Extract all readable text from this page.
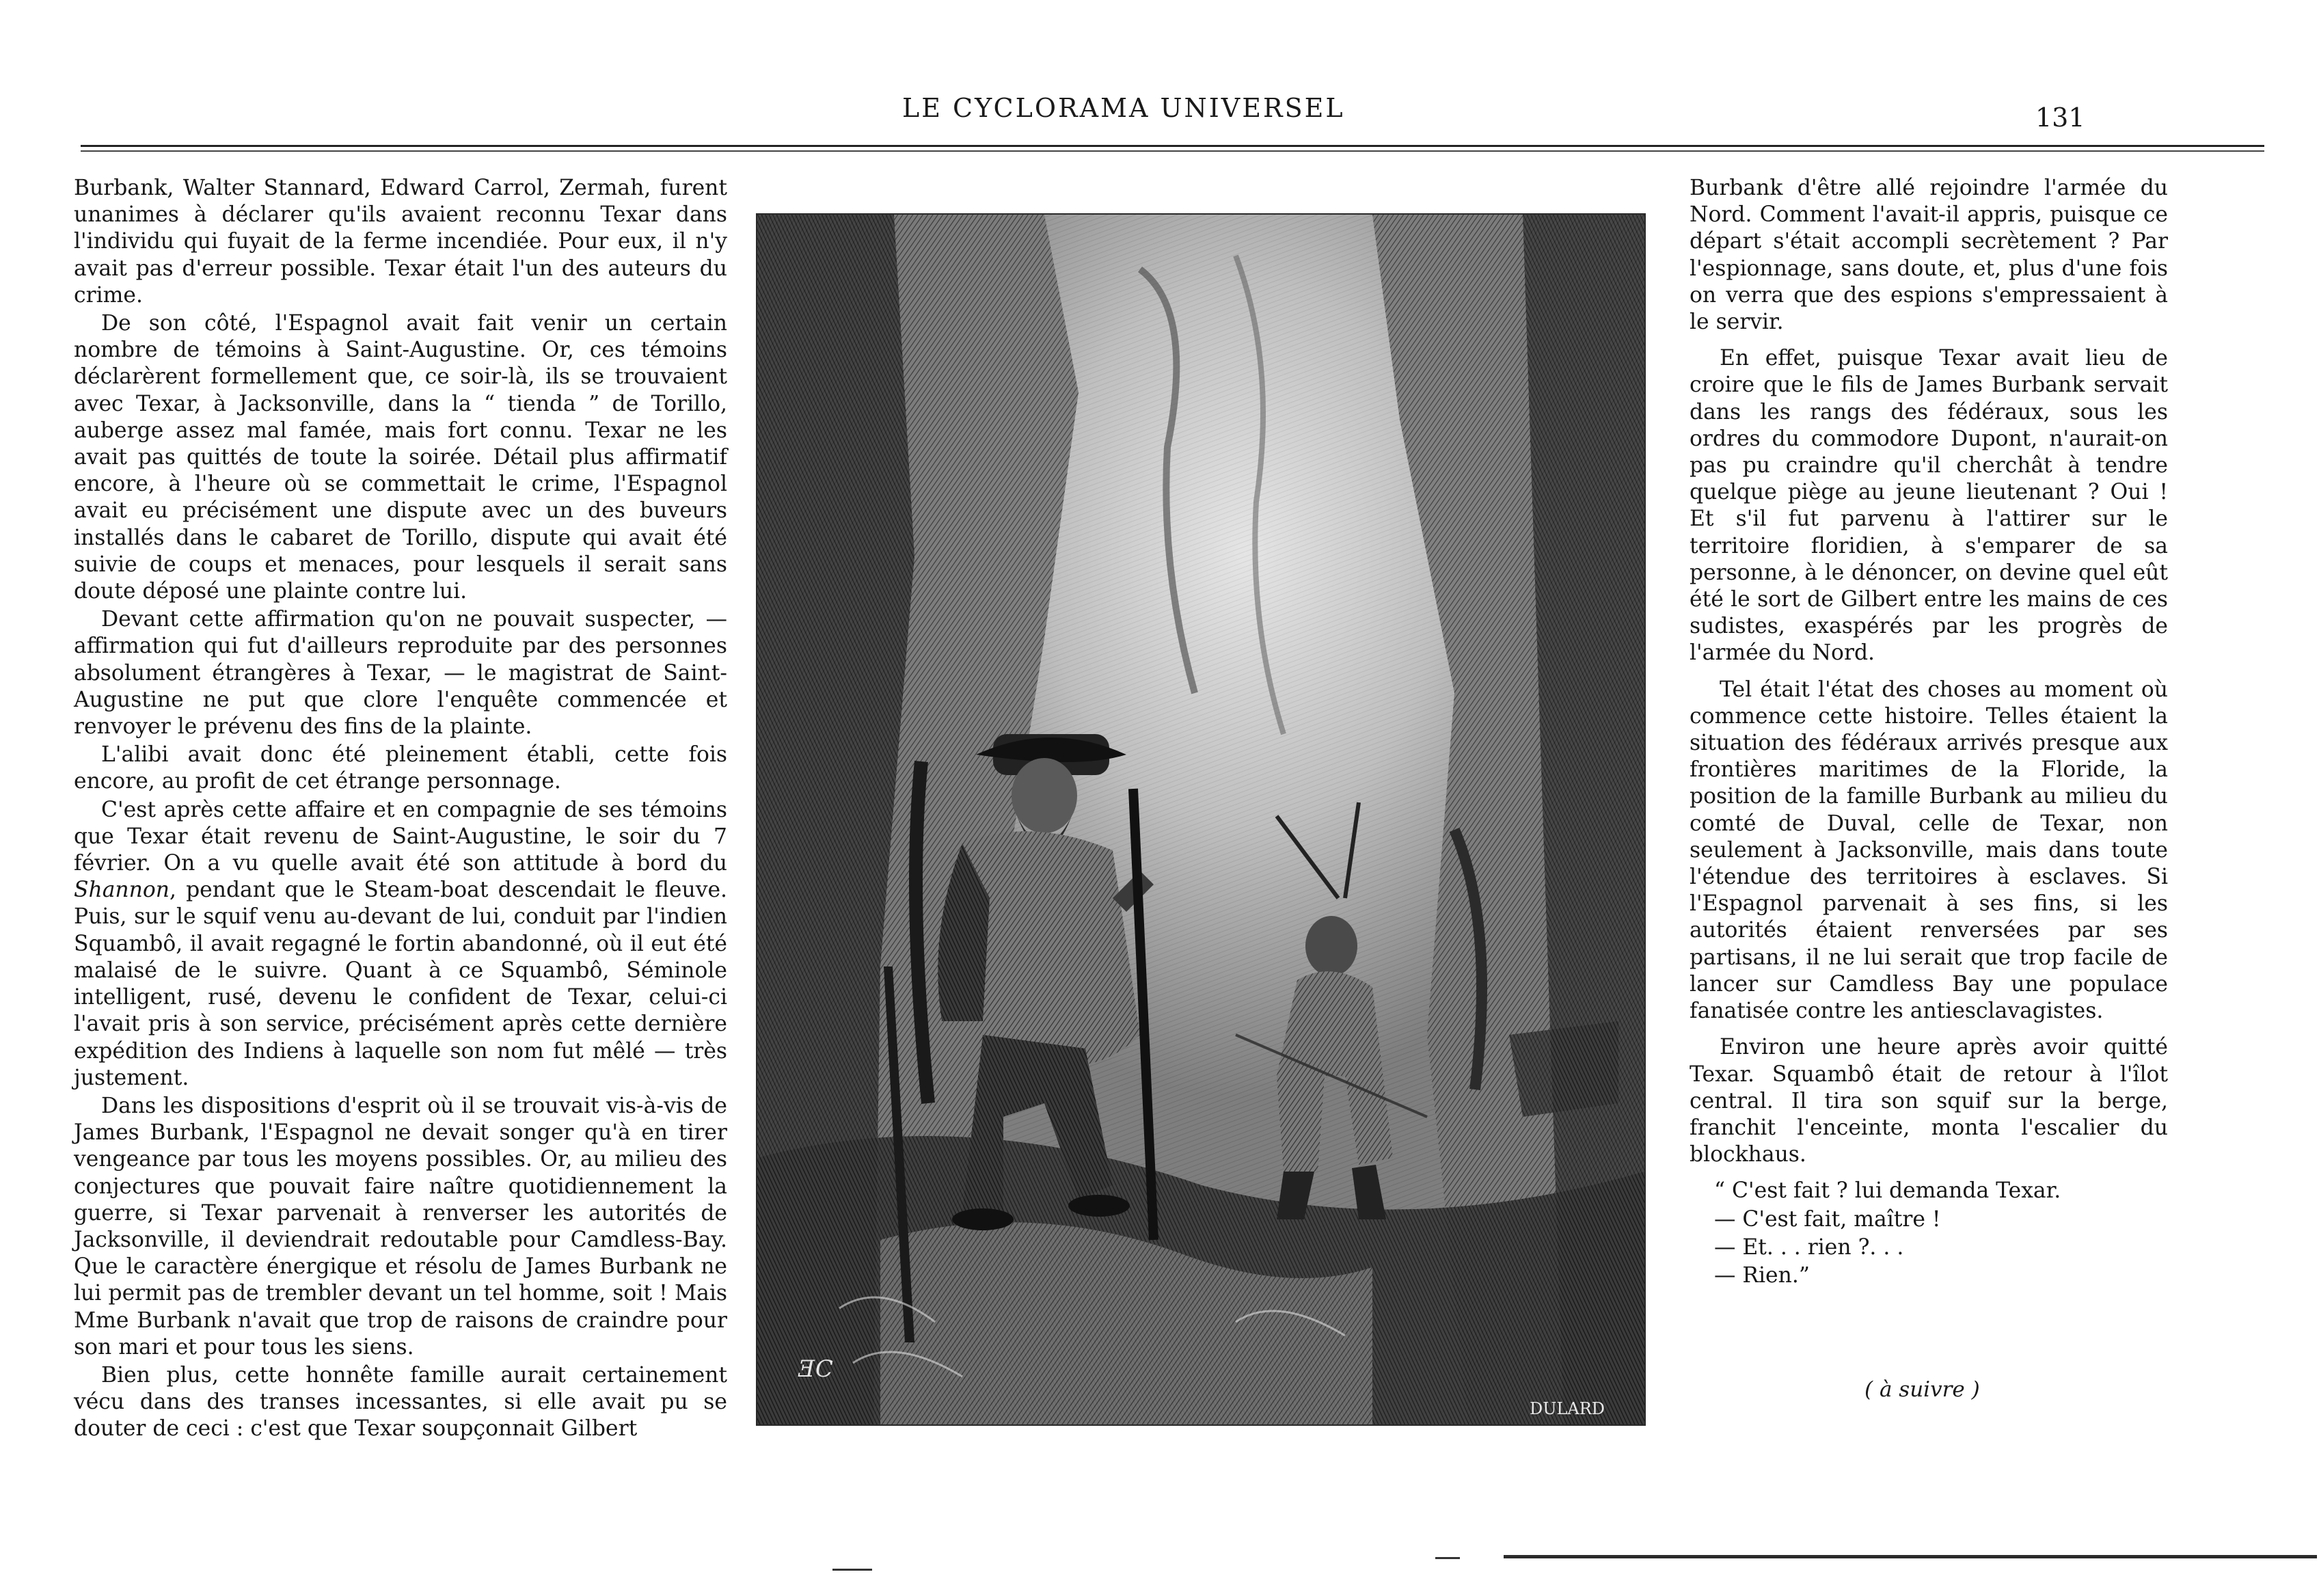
LE CYCLORAMA UNIVERSEL	131

Burbank, Walter Stannard, Edward Carrol, Zermah, furent unanimes à déclarer qu'ils avaient reconnu Texar dans l'individu qui fuyait de la ferme incendiée. Pour eux, il n'y avait pas d'erreur possible. Texar était l'un des auteurs du crime.

De son côté, l'Espagnol avait fait venir un certain nombre de témoins à Saint-Augustine. Or, ces témoins déclarèrent formellement que, ce soir-là, ils se trouvaient avec Texar, à Jacksonville, dans la “ tienda ” de Torillo, auberge assez mal famée, mais fort connu. Texar ne les avait pas quittés de toute la soirée. Détail plus affirmatif encore, à l'heure où se commettait le crime, l'Espagnol avait eu précisément une dispute avec un des buveurs installés dans le cabaret de Torillo, dispute qui avait été suivie de coups et menaces, pour lesquels il serait sans doute déposé une plainte contre lui.

Devant cette affirmation qu'on ne pouvait suspecter, — affirmation qui fut d'ailleurs reproduite par des personnes absolument étrangères à Texar, — le magistrat de Saint-Augustine ne put que clore l'enquête commencée et renvoyer le prévenu des fins de la plainte.

L'alibi avait donc été pleinement établi, cette fois encore, au profit de cet étrange personnage.

C'est après cette affaire et en compagnie de ses témoins que Texar était revenu de Saint-Augustine, le soir du 7 février. On a vu quelle avait été son attitude à bord du Shannon, pendant que le Steam-boat descendait le fleuve. Puis, sur le squif venu au-devant de lui, conduit par l'indien Squambô, il avait regagné le fortin abandonné, où il eut été malaisé de le suivre. Quant à ce Squambô, Séminole intelligent, rusé, devenu le confident de Texar, celui-ci l'avait pris à son service, précisément après cette dernière expédition des Indiens à laquelle son nom fut mêlé — très justement.

Dans les dispositions d'esprit où il se trouvait vis-à-vis de James Burbank, l'Espagnol ne devait songer qu'à en tirer vengeance par tous les moyens possibles. Or, au milieu des conjectures que pouvait faire naître quotidiennement la guerre, si Texar parvenait à renverser les autorités de Jacksonville, il deviendrait redoutable pour Camdless-Bay. Que le caractère énergique et résolu de James Burbank ne lui permit pas de trembler devant un tel homme, soit ! Mais Mme Burbank n'avait que trop de raisons de craindre pour son mari et pour tous les siens.

Bien plus, cette honnête famille aurait certainement vécu dans des transes incessantes, si elle avait pu se douter de ceci : c'est que Texar soupçonnait Gilbert

ƎC
DULARD

Burbank d'être allé rejoindre l'armée du Nord. Comment l'avait-il appris, puisque ce départ s'était accompli secrètement ? Par l'espionnage, sans doute, et, plus d'une fois on verra que des espions s'empressaient à le servir.

En effet, puisque Texar avait lieu de croire que le fils de James Burbank servait dans les rangs des fédéraux, sous les ordres du commodore Dupont, n'aurait-on pas pu craindre qu'il cherchât à tendre quelque piège au jeune lieutenant ? Oui ! Et s'il fut parvenu à l'attirer sur le territoire floridien, à s'emparer de sa personne, à le dénoncer, on devine quel eût été le sort de Gilbert entre les mains de ces sudistes, exaspérés par les progrès de l'armée du Nord.

Tel était l'état des choses au moment où commence cette histoire. Telles étaient la situation des fédéraux arrivés presque aux frontières maritimes de la Floride, la position de la famille Burbank au milieu du comté de Duval, celle de Texar, non seulement à Jacksonville, mais dans toute l'étendue des territoires à esclaves. Si l'Espagnol parvenait à ses fins, si les autorités étaient renversées par ses partisans, il ne lui serait que trop facile de lancer sur Camdless Bay une populace fanatisée contre les antiesclavagistes.

Environ une heure après avoir quitté Texar. Squambô était de retour à l'îlot central. Il tira son squif sur la berge, franchit l'enceinte, monta l'escalier du blockhaus.

“ C'est fait ? lui demanda Texar.

— C'est fait, maître !

— Et. . . rien ?. . .

— Rien.”

( à suivre )
